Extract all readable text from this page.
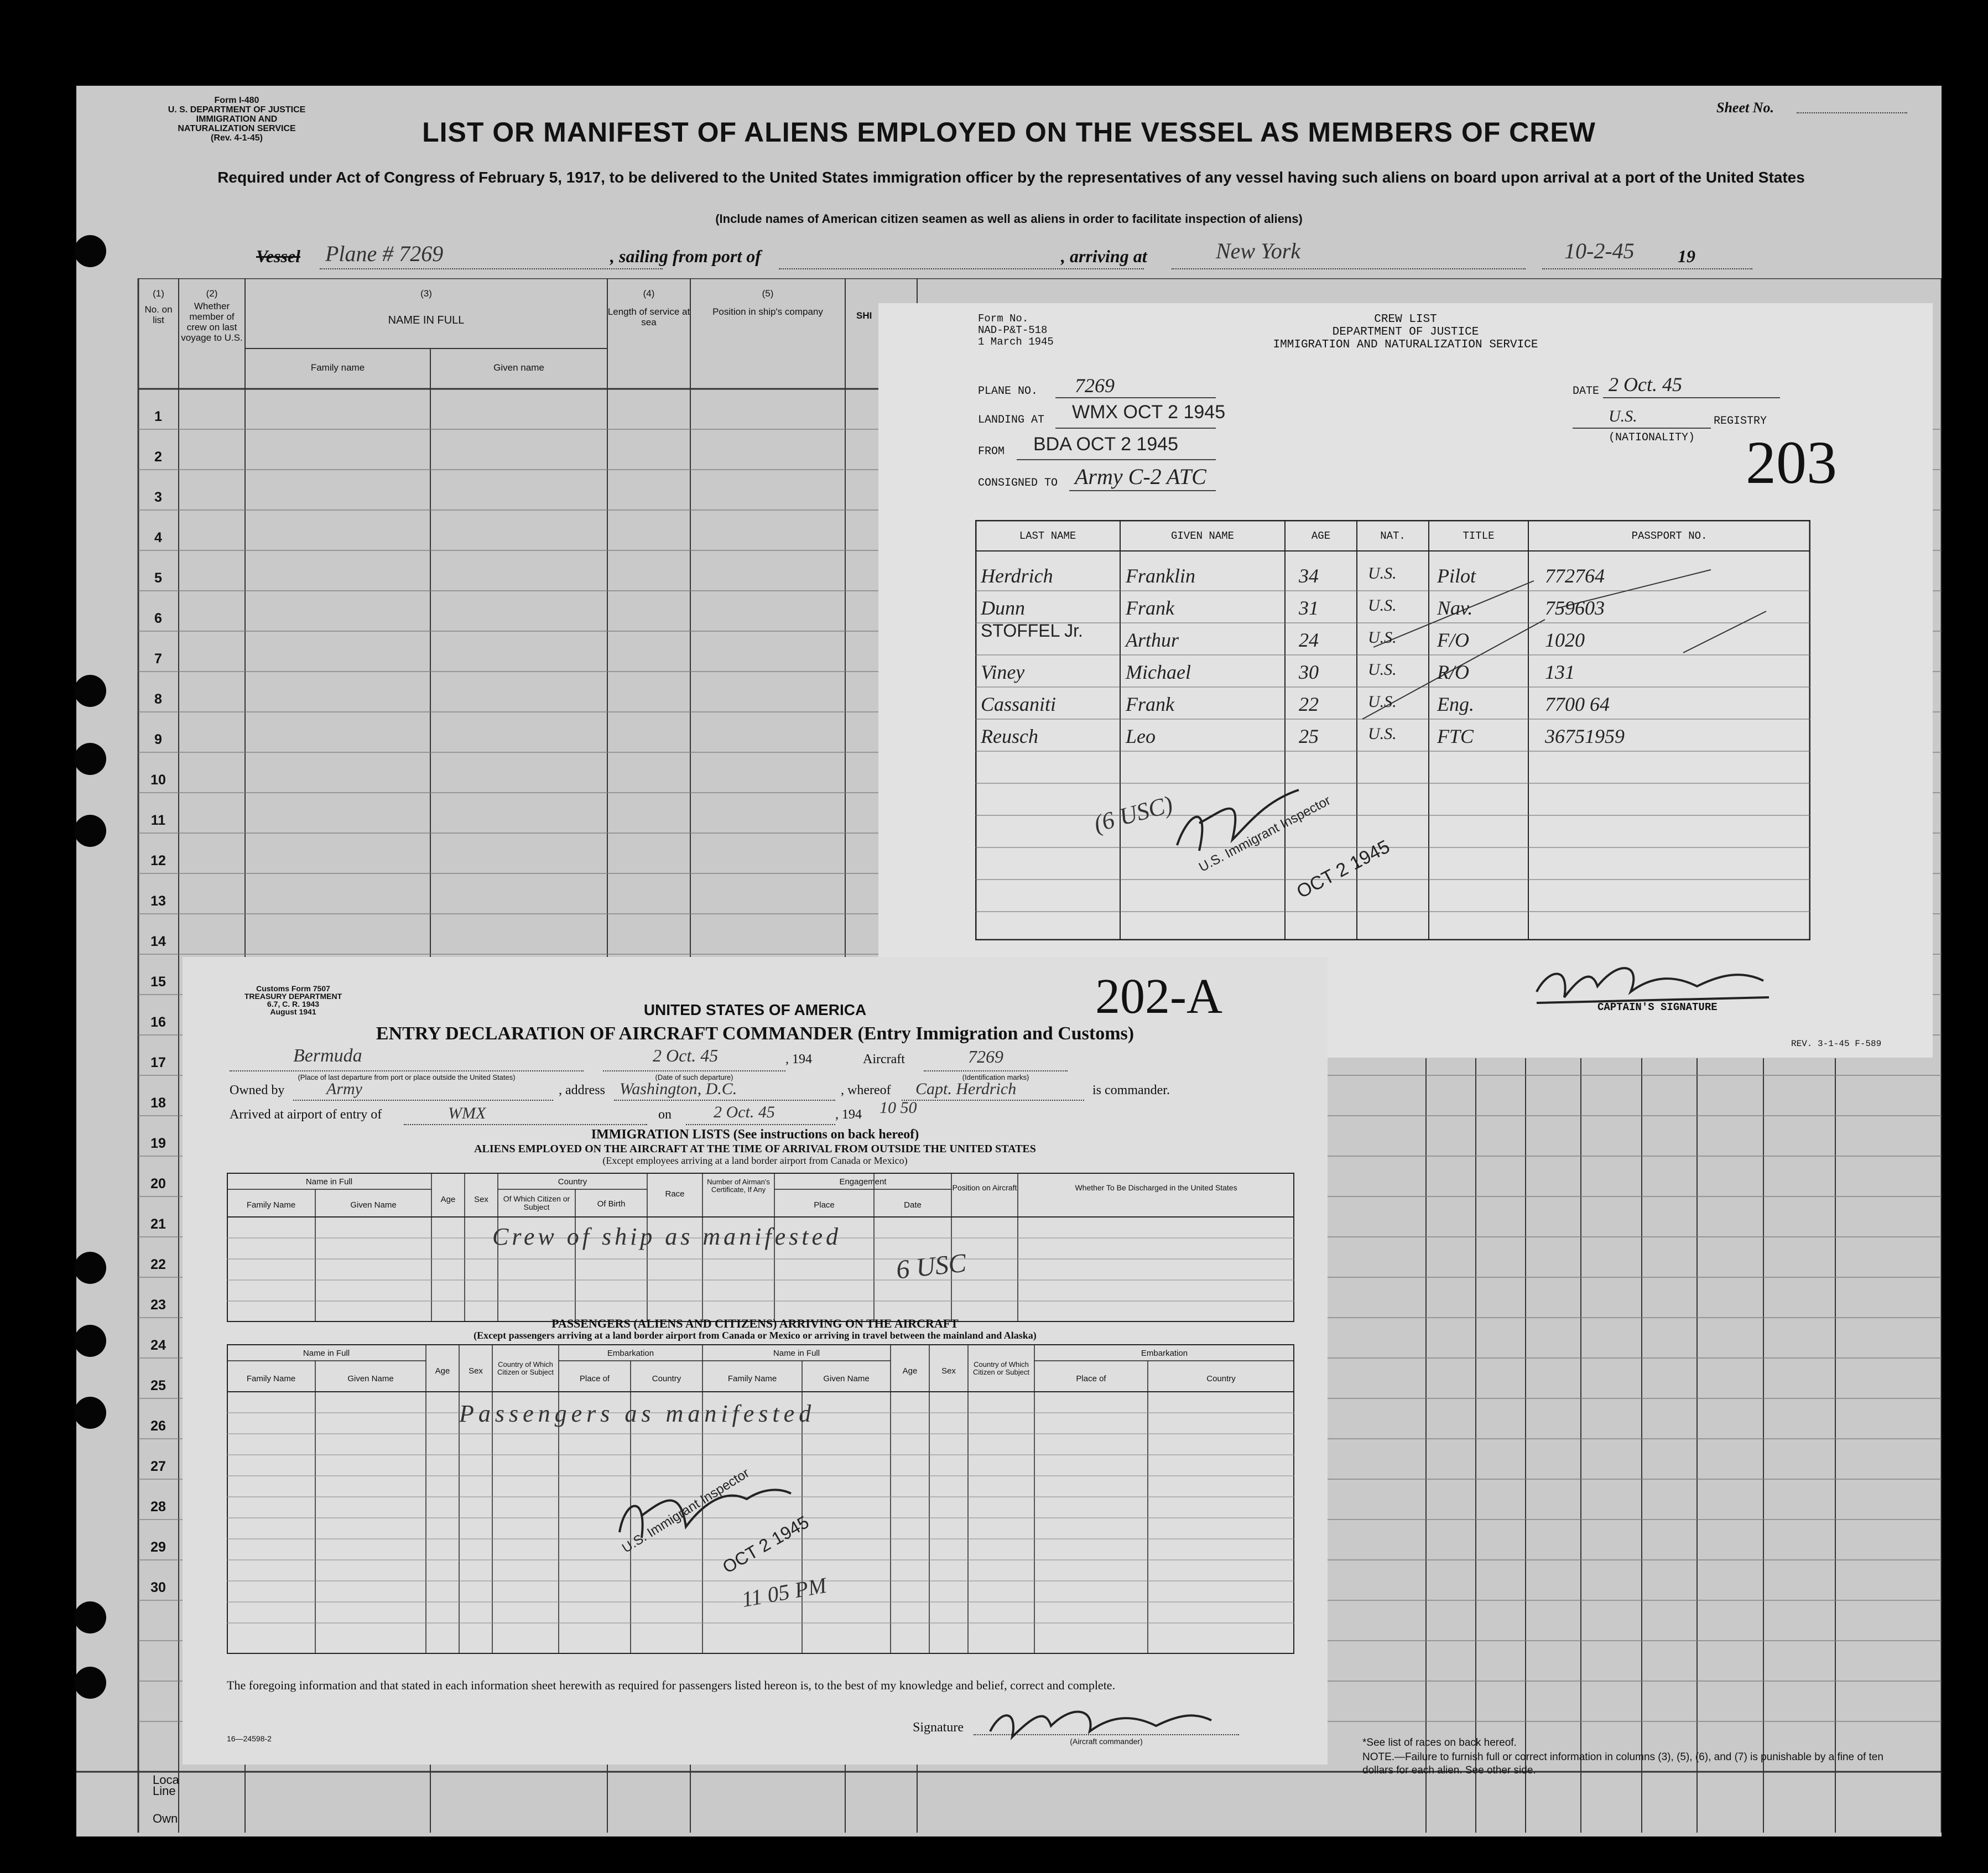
Form I-480
U. S. DEPARTMENT OF JUSTICE
IMMIGRATION AND NATURALIZATION SERVICE
(Rev. 4-1-45)
Sheet No.
LIST OR MANIFEST OF ALIENS EMPLOYED ON THE VESSEL AS MEMBERS OF CREW
Required under Act of Congress of February 5, 1917, to be delivered to the United States immigration officer by the representatives of any vessel having such aliens on board upon arrival at a port of the United States
(Include names of American citizen seamen as well as aliens in order to facilitate inspection of aliens)
Vessel Plane # 7269	, sailing from port of	, arriving at	New York	10-2-45 19
(1)
No. on list
(2)
Whether member of crew on last voyage to U.S.
(3)
NAME IN FULL
Family name	Given name
(4)
Length of service at sea
(5)
Position in ship's company	SHI
1
2
3
4
5
6
7
8
9
10
11
12
13
14
15
16
17
18
19
20
21
22
23
24
25
26
27
28
29
30
Line
Own
Loca
*See list of races on back hereof.
NOTE.—Failure to furnish full or correct information in columns (3), (5), (6), and (7) is punishable by a fine of ten dollars for each alien. See other side.
Form No.
NAD-P&T-518
1 March 1945
CREW LIST
DEPARTMENT OF JUSTICE
IMMIGRATION AND NATURALIZATION SERVICE
PLANE NO. 7269
LANDING AT WMX OCT 2 1945
FROM BDA OCT 2 1945
CONSIGNED TO Army C-2 ATC
DATE 2 Oct. 45
U.S.	REGISTRY
(NATIONALITY) 203
LAST NAME	GIVEN NAME	AGE	NAT.	TITLE	PASSPORT NO.
Herdrich	Franklin	34	U.S. Pilot	772764
Dunn	Frank	31	U.S. Nav.	759603
STOFFEL Jr. Arthur	24	U.S. F/O	1020
Viney	Michael	30	U.S. R/O	131
Cassaniti	Frank	22	U.S. Eng.	7700 64
Reusch	Leo	25	U.S. FTC	36751959
(6 USC) U.S. Immigrant Inspector
OCT 2 1945
CAPTAIN'S SIGNATURE
REV. 3-1-45 F-589
Customs Form 7507
TREASURY DEPARTMENT
6.7, C. R. 1943
August 1941	UNITED STATES OF AMERICA
ENTRY DECLARATION OF AIRCRAFT COMMANDER (Entry Immigration and Customs)
202-A
Bermuda
(Place of last departure from port or place outside the United States)
2 Oct. 45
(Date of such departure)
, 194	Aircraft	7269
(Identification marks)
Owned by	Army	, address Washington, D.C.	, whereof Capt. Herdrich	is commander.
Arrived at airport of entry of	WMX	on	2 Oct. 45	, 194 10 50
IMMIGRATION LISTS (See instructions on back hereof)
ALIENS EMPLOYED ON THE AIRCRAFT AT THE TIME OF ARRIVAL FROM OUTSIDE THE UNITED STATES
(Except employees arriving at a land border airport from Canada or Mexico)
Name in Full
Family Name	Given Name
Age	Sex
Country
Of Which Citizen or Subject	Of Birth
Race
Number of Airman's Certificate, If Any
Engagement
Place	Date
Position on Aircraft	Whether To Be Discharged in the United States
Crew of ship as manifested
6 USC
PASSENGERS (ALIENS AND CITIZENS) ARRIVING ON THE AIRCRAFT
(Except passengers arriving at a land border airport from Canada or Mexico or arriving in travel between the mainland and Alaska)
Name in Full
Family Name	Given Name
Age	Sex
Country of Which Citizen or Subject
Embarkation
Place of	Country
Name in Full
Family Name	Given Name
Age	Sex
Country of Which Citizen or Subject
Embarkation
Place of	Country
Passengers as manifested
U.S. Immigrant Inspector
OCT 2 1945
11 05 PM
The foregoing information and that stated in each information sheet herewith as required for passengers listed hereon is, to the best of my knowledge and belief, correct and complete.
Signature
(Aircraft commander)
16—24598-2
